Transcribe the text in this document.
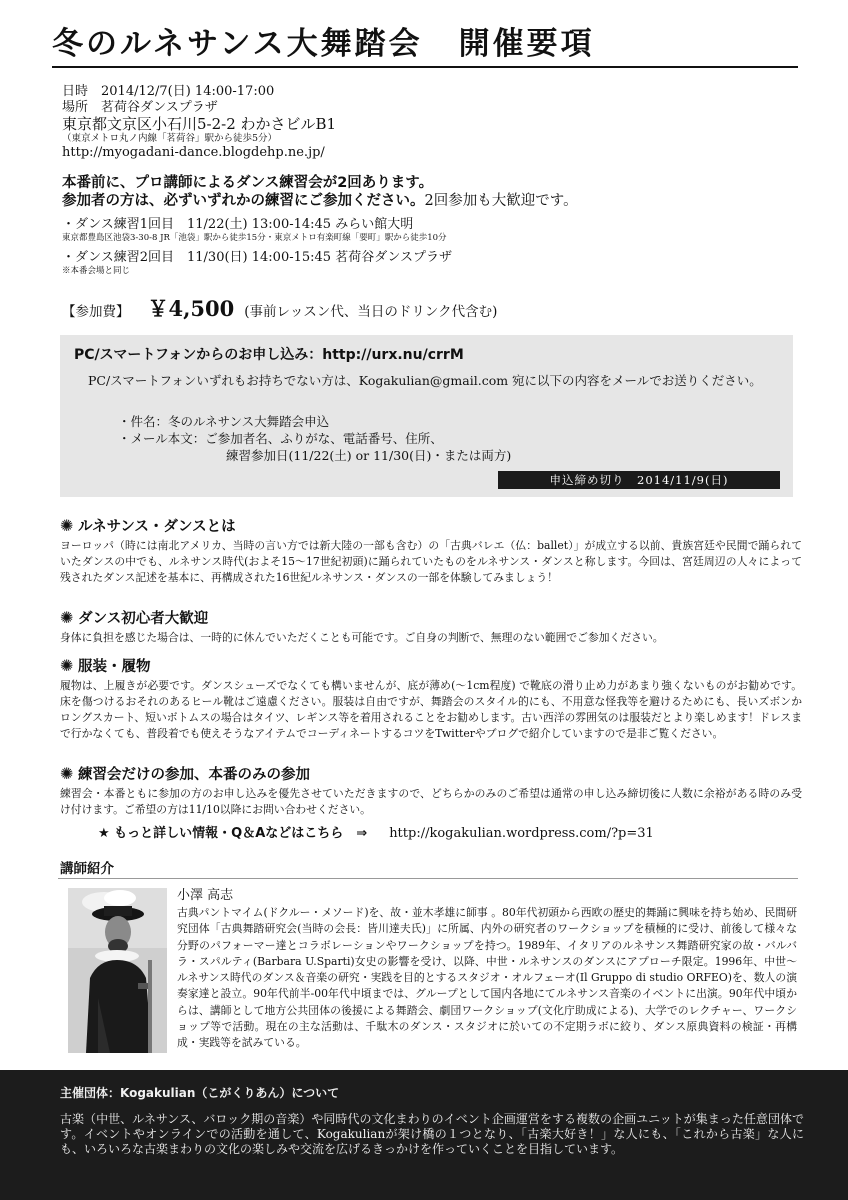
冬のルネサンス大舞踏会 開催要項
日時　2014/12/7(日) 14:00-17:00
場所　茗荷谷ダンスプラザ
東京都文京区小石川5-2-2 わかさビルB1
（東京メトロ丸ノ内線「茗荷谷」駅から徒歩5分）
http://myogadani-dance.blogdehp.ne.jp/
本番前に、プロ講師によるダンス練習会が2回あります。
参加者の方は、必ずいずれかの練習にご参加ください。2回参加も大歓迎です。
・ダンス練習1回目　11/22(土) 13:00-14:45 みらい館大明
東京都豊島区池袋3-30-8 JR「池袋」駅から徒歩15分・東京メトロ有楽町線「要町」駅から徒歩10分
・ダンス練習2回目　11/30(日) 14:00-15:45 茗荷谷ダンスプラザ
※本番会場と同じ
【参加費】 ￥4,500 (事前レッスン代、当日のドリンク代含む)
PC/スマートフォンからのお申し込み：http://urx.nu/crrM
PC/スマートフォンいずれもお持ちでない方は、Kogakulian@gmail.com 宛に以下の内容をメールでお送りください。
・件名：冬のルネサンス大舞踏会申込
・メール本文：ご参加者名、ふりがな、電話番号、住所、
練習参加日(11/22(土) or 11/30(日)・または両方)
申込締め切り　2014/11/9(日)
✺ ルネサンス・ダンスとは
ヨーロッパ（時には南北アメリカ、当時の言い方では新大陸の一部も含む）の「古典バレエ（仏：ballet）」が成立する以前、貴族宮廷や民間で踊られていたダンスの中でも、ルネサンス時代(およそ15～17世紀初頭)に踊られていたものをルネサンス・ダンスと称します。今回は、宮廷周辺の人々によって残されたダンス記述を基本に、再構成された16世紀ルネサンス・ダンスの一部を体験してみましょう！
✺ ダンス初心者大歓迎
身体に負担を感じた場合は、一時的に休んでいただくことも可能です。ご自身の判断で、無理のない範囲でご参加ください。
✺ 服装・履物
履物は、上履きが必要です。ダンスシューズでなくても構いませんが、底が薄め(～1cm程度) で靴底の滑り止め力があまり強くないものがお勧めです。床を傷つけるおそれのあるヒール靴はご遠慮ください。服装は自由ですが、舞踏会のスタイル的にも、不用意な怪我等を避けるためにも、長いズボンかロングスカート、短いボトムスの場合はタイツ、レギンス等を着用されることをお勧めします。古い西洋の雰囲気のは服装だとより楽しめます！ドレスまで行かなくても、普段着でも使えそうなアイテムでコーディネートするコツをTwitterやブログで紹介していますので是非ご覧ください。
✺ 練習会だけの参加、本番のみの参加
練習会・本番ともに参加の方のお申し込みを優先させていただきますので、どちらかのみのご希望は通常の申し込み締切後に人数に余裕がある時のみ受け付けます。ご希望の方は11/10以降にお問い合わせください。
★ もっと詳しい情報・Q＆Aなどはこちら　⇒ http://kogakulian.wordpress.com/?p=31
講師紹介
小澤 高志
古典パントマイム(ドクルー・メソード)を、故・並木孝雄に師事 。80年代初頭から西欧の歴史的舞踊に興味を持ち始め、民間研究団体「古典舞踏研究会(当時の会長：皆川達夫氏)」に所属、内外の研究者のワークショップを積極的に受け、前後して様々な分野のパフォーマー達とコラボレーションやワークショップを持つ。1989年、イタリアのルネサンス舞踏研究家の故・バルバラ・スパルティ(Barbara U.Sparti)女史の影響を受け、以降、中世・ルネサンスのダンスにアプローチ限定。1996年、中世～ルネサンス時代のダンス＆音楽の研究・実践を目的とするスタジオ・オルフェーオ(Il Gruppo di studio ORFEO)を、数人の演奏家達と設立。90年代前半-00年代中頃までは、グループとして国内各地にてルネサンス音楽のイベントに出演。90年代中頃からは、講師として地方公共団体の後援による舞踏会、劇団ワークショップ(文化庁助成による)、大学でのレクチャー、ワークショップ等で活動。現在の主な活動は、千駄木のダンス・スタジオに於いての不定期ラボに絞り、ダンス原典資料の検証・再構成・実践等を試みている。
主催団体：Kogakulian（こがくりあん）について
古楽（中世、ルネサンス、バロック期の音楽）や同時代の文化まわりのイベント企画運営をする複数の企画ユニットが集まった任意団体です。イベントやオンラインでの活動を通して、Kogakulianが架け橋の１つとなり、「古楽大好き！」な人にも、「これから古楽」な人にも、いろいろな古楽まわりの文化の楽しみや交流を広げるきっかけを作っていくことを目指しています。
